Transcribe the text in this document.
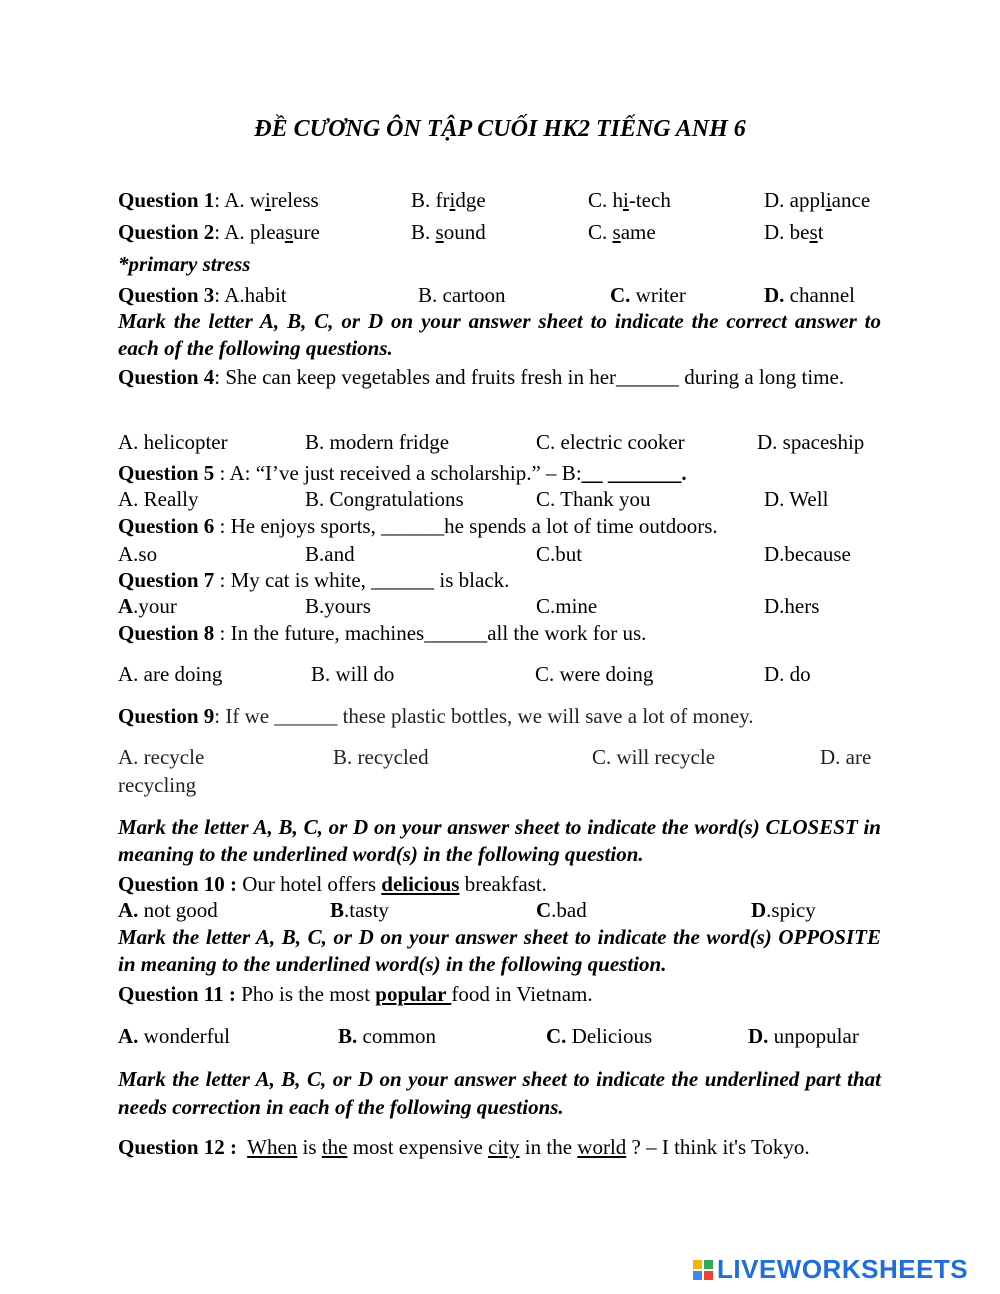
ĐỀ CƯƠNG ÔN TẬP CUỐI HK2 TIẾNG ANH 6
Question 1: A. wireless	B. fridge	C. hi-tech	D. appliance
Question 2: A. pleasure	B. sound	C. same	D. best
*primary stress
Question 3: A.habit	B. cartoon	C. writer	D. channel
Mark the letter A, B, C, or D on your answer sheet to indicate the correct answer to each of the following questions.
Question 4: She can keep vegetables and fruits fresh in her______ during a long time.
A. helicopter	B. modern fridge	C. electric cooker	D. spaceship
Question 5 : A: “I’ve just received a scholarship.” – B:__ _______.
A. Really	B. Congratulations	C. Thank you	D. Well
Question 6 : He enjoys sports, ______he spends a lot of time outdoors.
A.so	B.and	C.but	D.because
Question 7 : My cat is white, ______ is black.
A.your	B.yours	C.mine	D.hers
Question 8 : In the future, machines______all the work for us.
A. are doing	B. will do	C. were doing	D. do
Question 9: If we ______ these plastic bottles, we will save a lot of money.
A. recycle	B. recycled	C. will recycle	D. are
recycling
Mark the letter A, B, C, or D on your answer sheet to indicate the word(s) CLOSEST in meaning to the underlined word(s) in the following question.
Question 10 : Our hotel offers delicious breakfast.
A. not good	B.tasty	C.bad	D.spicy
Mark the letter A, B, C, or D on your answer sheet to indicate the word(s) OPPOSITE in meaning to the underlined word(s) in the following question.
Question 11 : Pho is the most popular food in Vietnam.
A. wonderful	B. common	C. Delicious	D. unpopular
Mark the letter A, B, C, or D on your answer sheet to indicate the underlined part that needs correction in each of the following questions.
Question 12 : When is the most expensive city in the world ? – I think it's Tokyo.
LIVEWORKSHEETS
